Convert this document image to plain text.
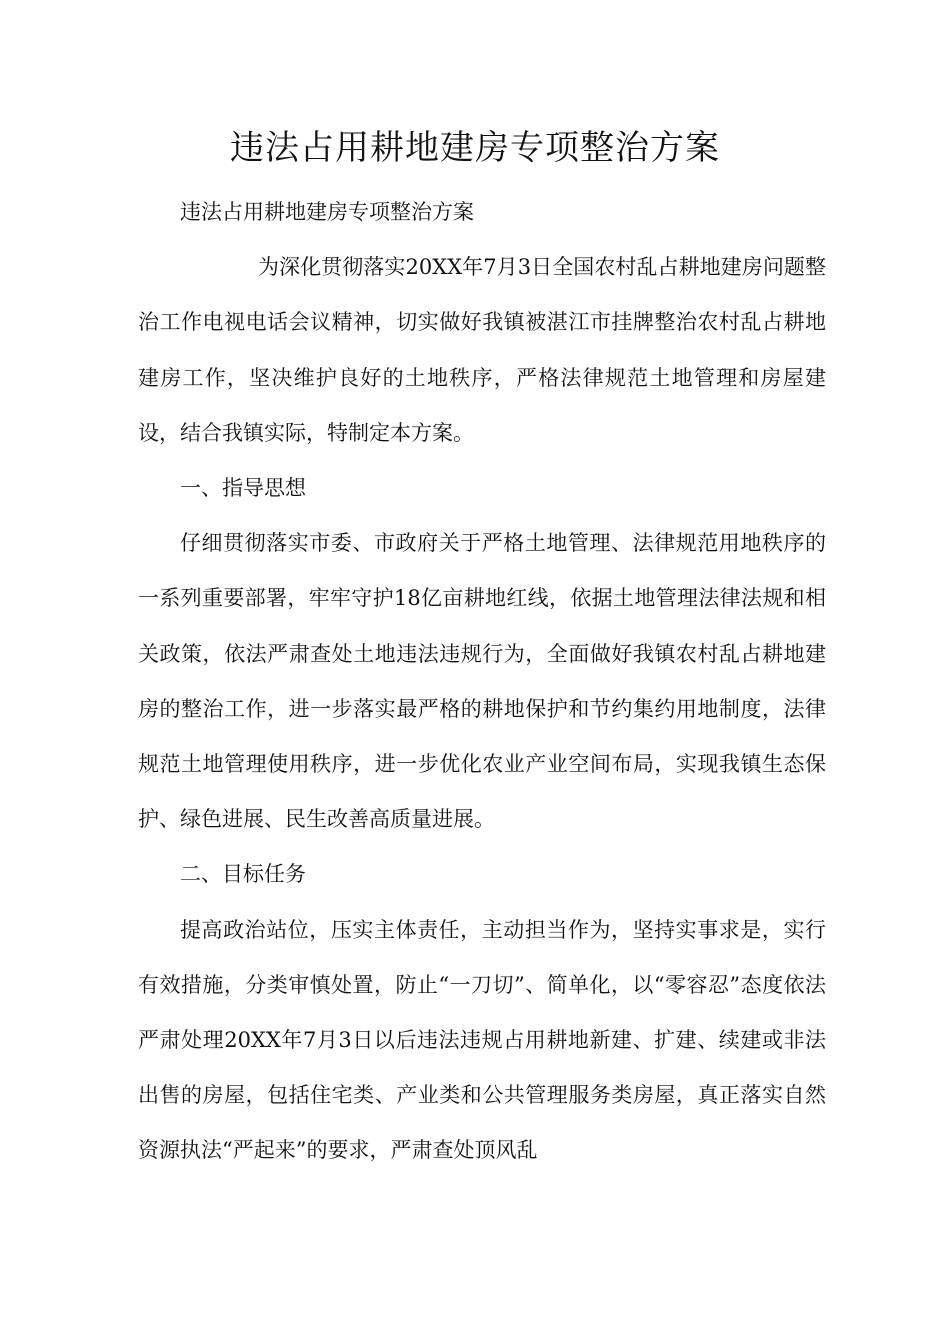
违法占用耕地建房专项整治方案

违法占用耕地建房专项整治方案

为深化贯彻落实20XX年7月3日全国农村乱占耕地建房问题整治工作电视电话会议精神，切实做好我镇被湛江市挂牌整治农村乱占耕地建房工作，坚决维护良好的土地秩序，严格法律规范土地管理和房屋建设，结合我镇实际，特制定本方案。

一、指导思想

仔细贯彻落实市委、市政府关于严格土地管理、法律规范用地秩序的一系列重要部署，牢牢守护18亿亩耕地红线，依据土地管理法律法规和相关政策，依法严肃查处土地违法违规行为，全面做好我镇农村乱占耕地建房的整治工作，进一步落实最严格的耕地保护和节约集约用地制度，法律规范土地管理使用秩序，进一步优化农业产业空间布局，实现我镇生态保护、绿色进展、民生改善高质量进展。

二、目标任务

提高政治站位，压实主体责任，主动担当作为，坚持实事求是，实行有效措施，分类审慎处置，防止“一刀切”、简单化，以“零容忍”态度依法严肃处理20XX年7月3日以后违法违规占用耕地新建、扩建、续建或非法出售的房屋，包括住宅类、产业类和公共管理服务类房屋，真正落实自然资源执法“严起来”的要求，严肃查处顶风乱
